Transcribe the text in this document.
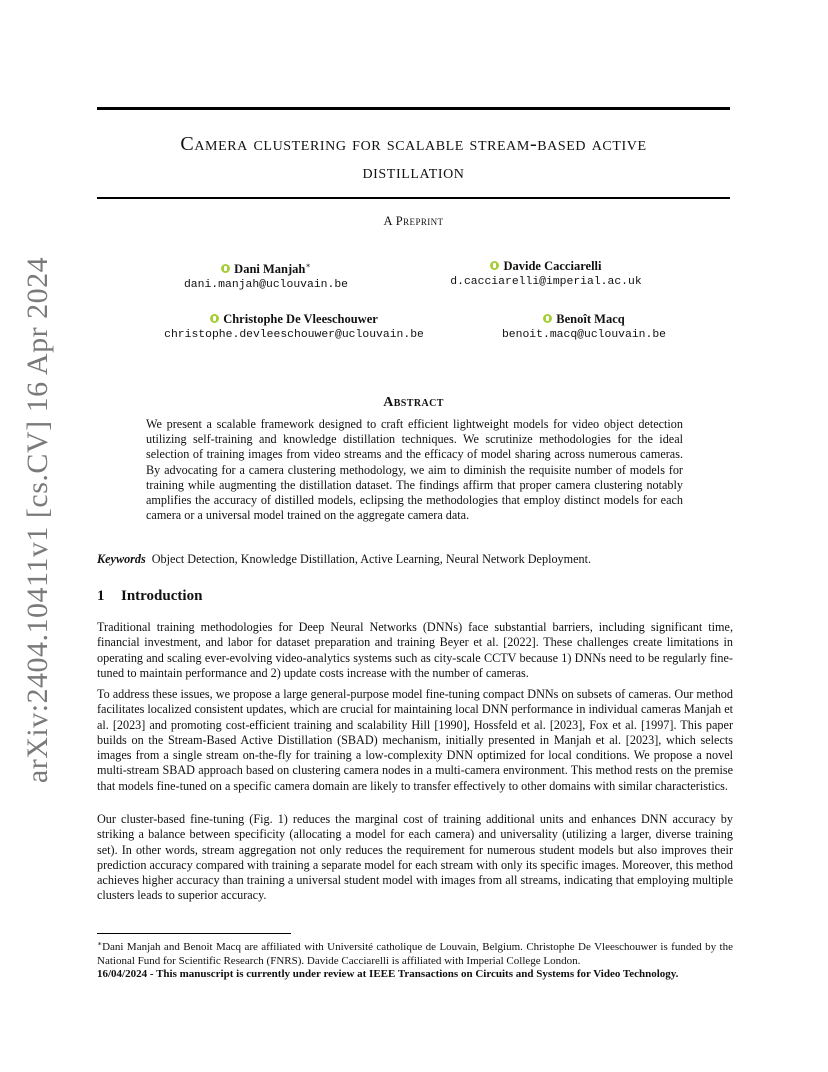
arXiv:2404.10411v1 [cs.CV] 16 Apr 2024
Camera clustering for scalable stream-based active
distillation
A Preprint
Dani Manjah∗
dani.manjah@uclouvain.be
Davide Cacciarelli
d.cacciarelli@imperial.ac.uk
Christophe De Vleeschouwer
christophe.devleeschouwer@uclouvain.be
Benoît Macq
benoit.macq@uclouvain.be
Abstract
We present a scalable framework designed to craft efficient lightweight models for video object detection utilizing self-training and knowledge distillation techniques. We scrutinize methodologies for the ideal selection of training images from video streams and the efficacy of model sharing across numerous cameras. By advocating for a camera clustering methodology, we aim to diminish the requisite number of models for training while augmenting the distillation dataset. The findings affirm that proper camera clustering notably amplifies the accuracy of distilled models, eclipsing the methodologies that employ distinct models for each camera or a universal model trained on the aggregate camera data.
Keywords Object Detection, Knowledge Distillation, Active Learning, Neural Network Deployment.
1 Introduction
Traditional training methodologies for Deep Neural Networks (DNNs) face substantial barriers, including significant time, financial investment, and labor for dataset preparation and training Beyer et al. [2022]. These challenges create limitations in operating and scaling ever-evolving video-analytics systems such as city-scale CCTV because 1) DNNs need to be regularly fine-tuned to maintain performance and 2) update costs increase with the number of cameras.
To address these issues, we propose a large general-purpose model fine-tuning compact DNNs on subsets of cameras. Our method facilitates localized consistent updates, which are crucial for maintaining local DNN performance in individual cameras Manjah et al. [2023] and promoting cost-efficient training and scalability Hill [1990], Hossfeld et al. [2023], Fox et al. [1997]. This paper builds on the Stream-Based Active Distillation (SBAD) mechanism, initially presented in Manjah et al. [2023], which selects images from a single stream on-the-fly for training a low-complexity DNN optimized for local conditions. We propose a novel multi-stream SBAD approach based on clustering camera nodes in a multi-camera environment. This method rests on the premise that models fine-tuned on a specific camera domain are likely to transfer effectively to other domains with similar characteristics.
Our cluster-based fine-tuning (Fig. 1) reduces the marginal cost of training additional units and enhances DNN accuracy by striking a balance between specificity (allocating a model for each camera) and universality (utilizing a larger, diverse training set). In other words, stream aggregation not only reduces the requirement for numerous student models but also improves their prediction accuracy compared with training a separate model for each stream with only its specific images. Moreover, this method achieves higher accuracy than training a universal student model with images from all streams, indicating that employing multiple clusters leads to superior accuracy.
∗Dani Manjah and Benoit Macq are affiliated with Université catholique de Louvain, Belgium. Christophe De Vleeschouwer is funded by the National Fund for Scientific Research (FNRS). Davide Cacciarelli is affiliated with Imperial College London.
16/04/2024 - This manuscript is currently under review at IEEE Transactions on Circuits and Systems for Video Technology.
